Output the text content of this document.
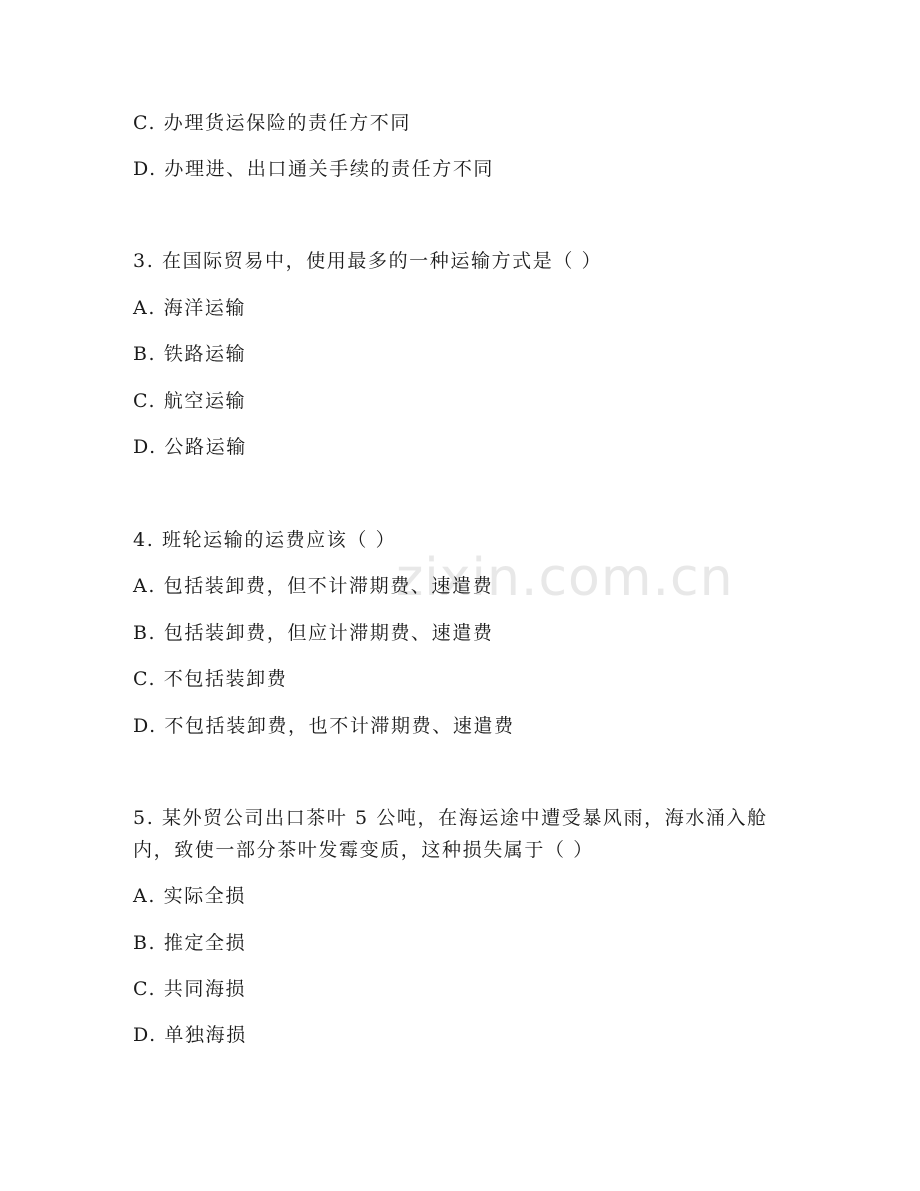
zixin.com.cn
C. 办理货运保险的责任方不同
D. 办理进、出口通关手续的责任方不同
3. 在国际贸易中，使用最多的一种运输方式是（ ）
A. 海洋运输
B. 铁路运输
C. 航空运输
D. 公路运输
4. 班轮运输的运费应该（ ）
A. 包括装卸费，但不计滞期费、速遣费
B. 包括装卸费，但应计滞期费、速遣费
C. 不包括装卸费
D. 不包括装卸费，也不计滞期费、速遣费
5. 某外贸公司出口茶叶 5 公吨，在海运途中遭受暴风雨，海水涌入舱
内，致使一部分茶叶发霉变质，这种损失属于（ ）
A. 实际全损
B. 推定全损
C. 共同海损
D. 单独海损
